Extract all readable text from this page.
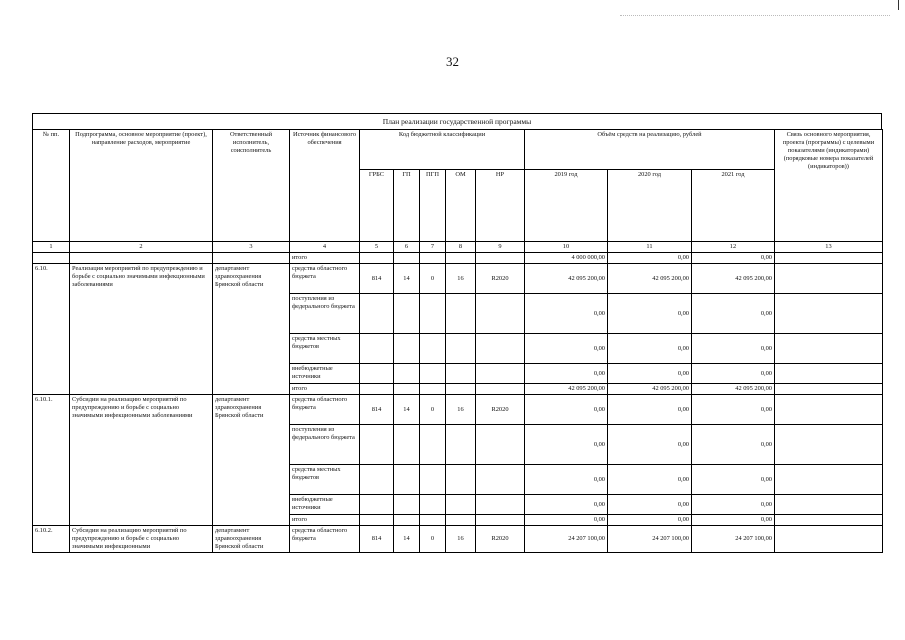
32
План реализации государственной программы
№ пп.	Подпрограмма, основное мероприятие (проект), направление расходов, мероприятие	Ответственный исполнитель, соисполнитель	Источник финансового обеспечения	Код бюджетной классификации					Объём средств на реализацию, рублей			Связь основного мероприятия, проекта (программы) с целевыми показателями (индикаторами) (порядковые номера показателей (индикаторов))
				ГРБС	ГП	ПГП	ОМ	НР	2019 год	2020 год	2021 год	
1	2	3	4	5	6	7	8	9	10	11	12	13
			итого						4 000 000,00	0,00	0,00	
6.10.	Реализация мероприятий по предупреждению и борьбе с социально значимыми инфекционными заболеваниями	департамент здравоохранения Брянской области	средства областного бюджета	814	14	0	16	R2020	42 095 200,00	42 095 200,00	42 095 200,00	
			поступления из федерального бюджета						0,00	0,00	0,00	
			средства местных бюджетов						0,00	0,00	0,00	
			внебюджетные источники						0,00	0,00	0,00	
			итого						42 095 200,00	42 095 200,00	42 095 200,00	
6.10.1.	Субсидии на реализацию мероприятий по предупреждению и борьбе с социально значимыми инфекционными заболеваниями	департамент здравоохранения Брянской области	средства областного бюджета	814	14	0	16	R2020	0,00	0,00	0,00	
			поступления из федерального бюджета						0,00	0,00	0,00	
			средства местных бюджетов						0,00	0,00	0,00	
			внебюджетные источники						0,00	0,00	0,00	
			итого						0,00	0,00	0,00	
6.10.2.	Субсидии на реализацию мероприятий по предупреждению и борьбе с социально значимыми инфекционными	департамент здравоохранения Брянской области	средства областного бюджета	814	14	0	16	R2020	24 207 100,00	24 207 100,00	24 207 100,00	
